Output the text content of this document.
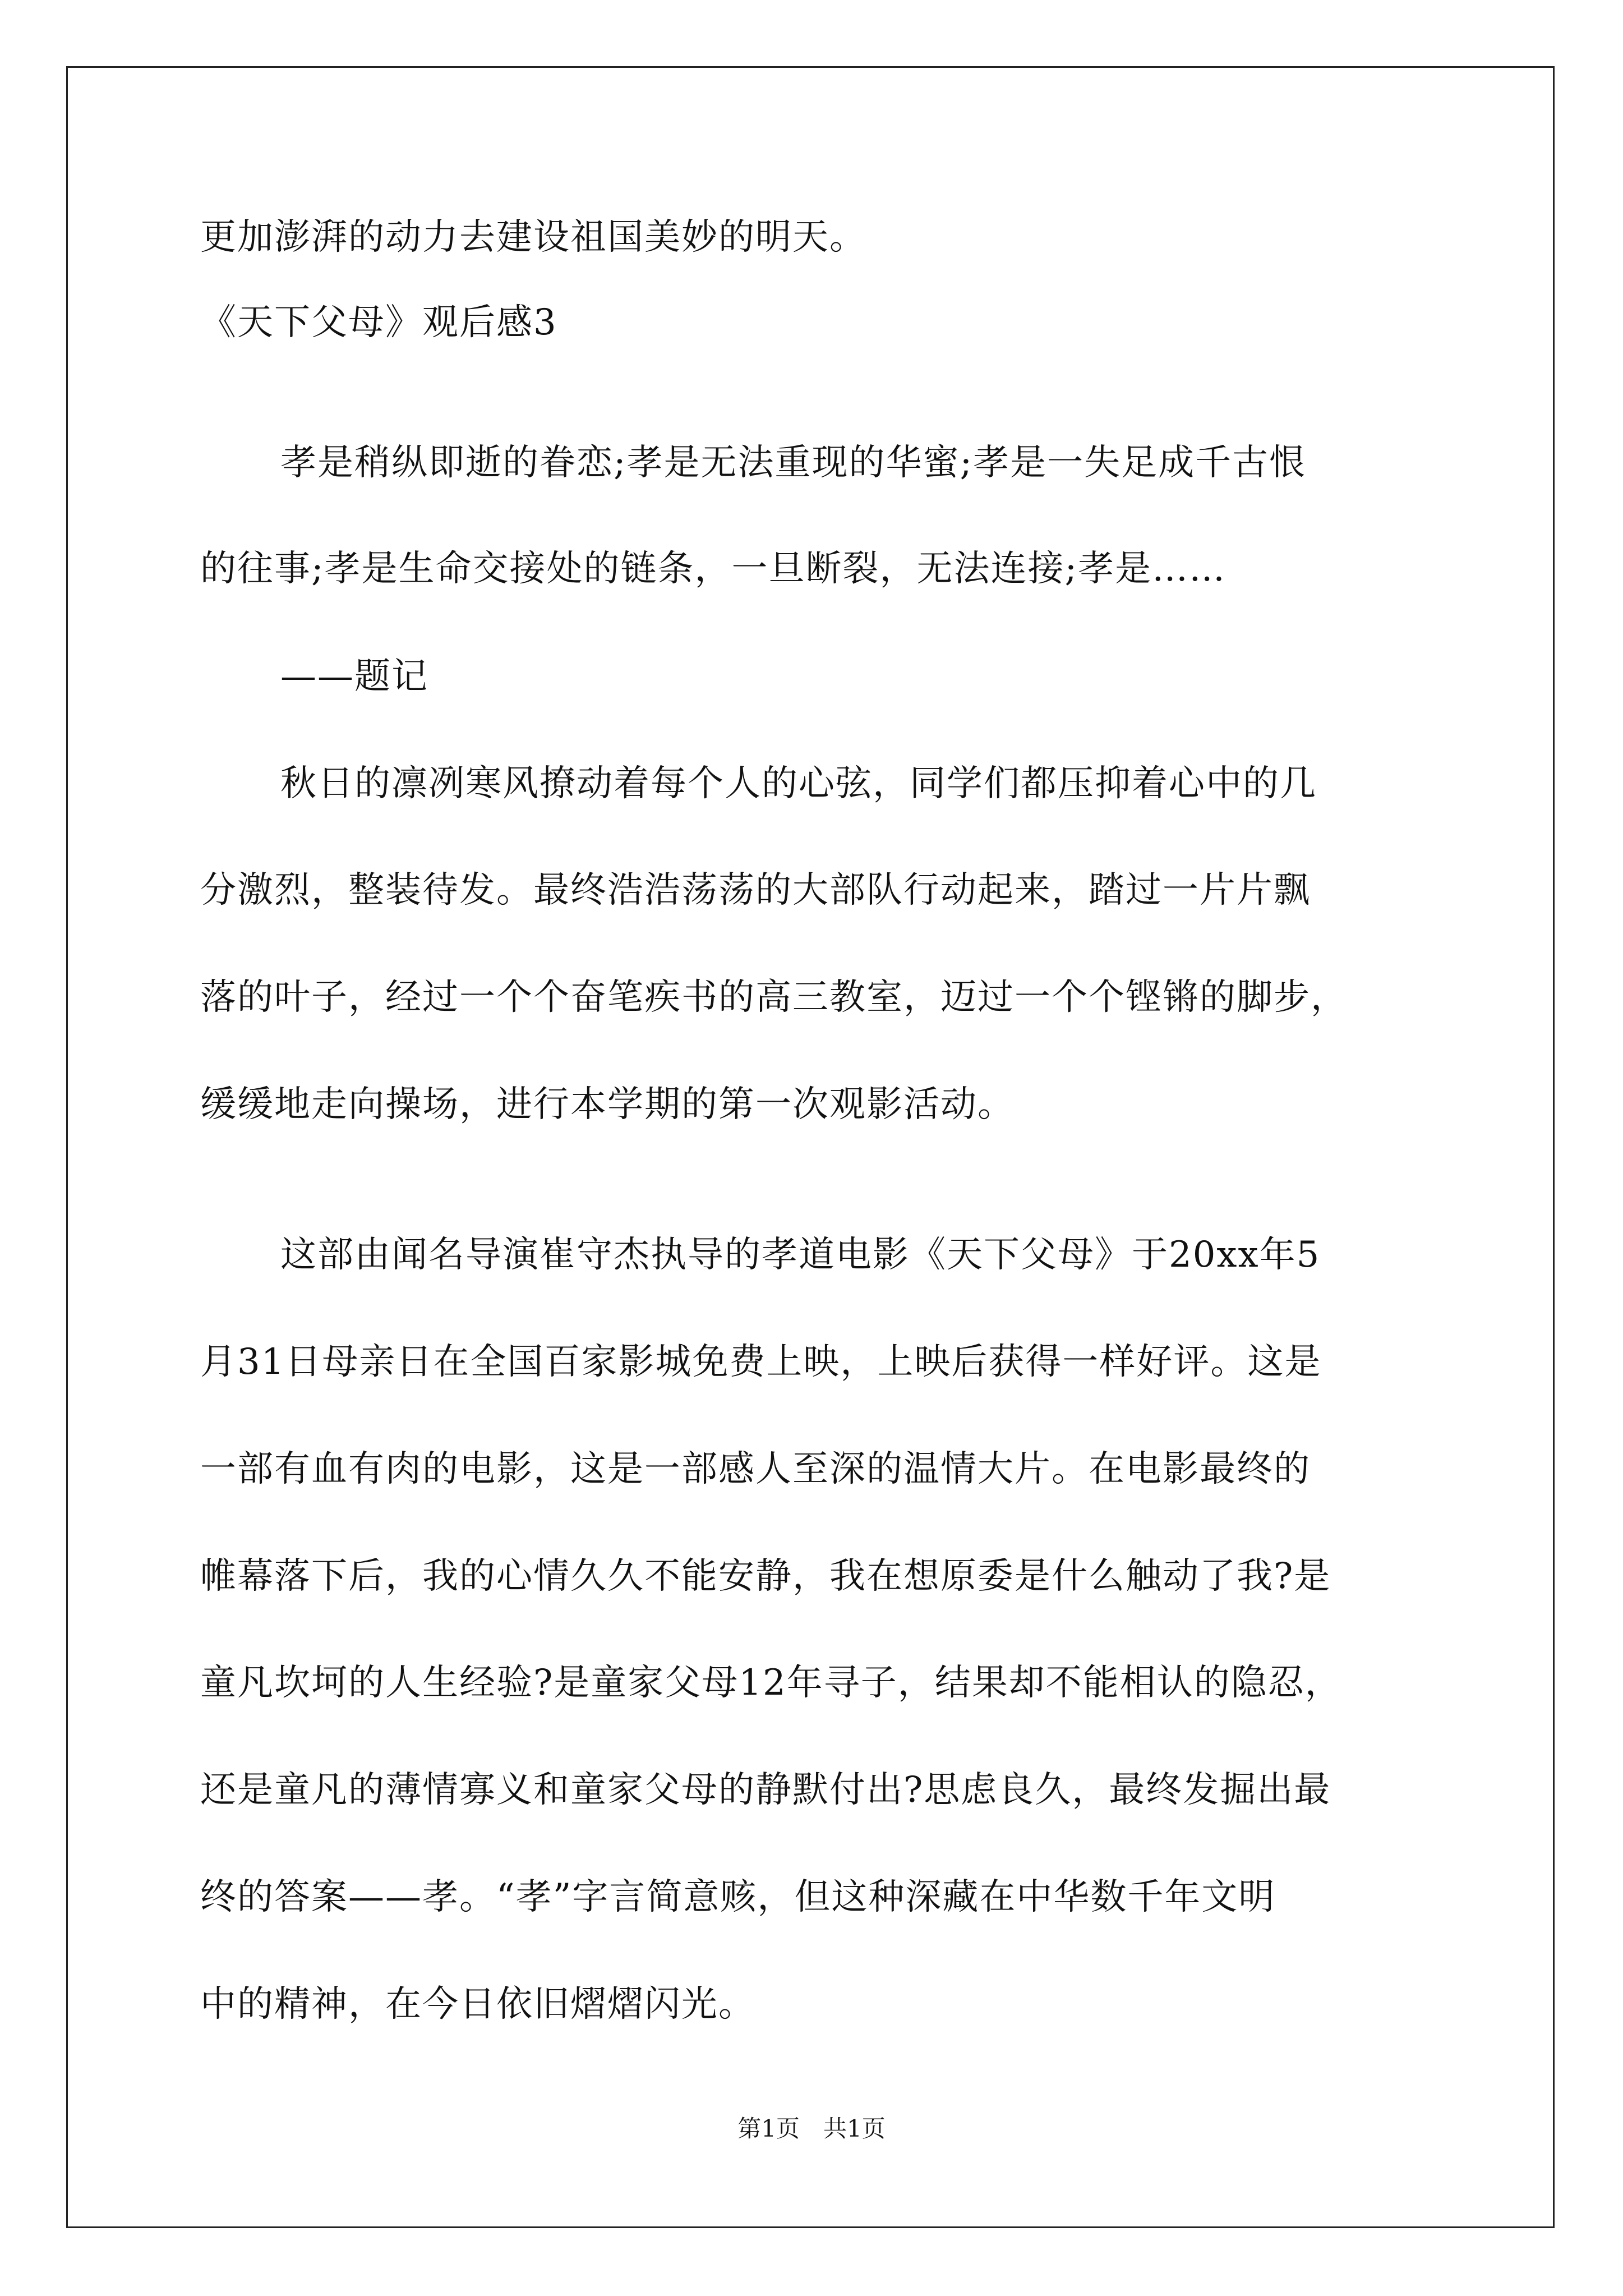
更加澎湃的动力去建设祖国美妙的明天。
《天下父母》观后感3
孝是稍纵即逝的眷恋;孝是无法重现的华蜜;孝是一失足成千古恨
的往事;孝是生命交接处的链条，一旦断裂，无法连接;孝是……
——题记
秋日的凛冽寒风撩动着每个人的心弦，同学们都压抑着心中的几
分激烈，整装待发。最终浩浩荡荡的大部队行动起来，踏过一片片飘
落的叶子，经过一个个奋笔疾书的高三教室，迈过一个个铿锵的脚步，
缓缓地走向操场，进行本学期的第一次观影活动。
这部由闻名导演崔守杰执导的孝道电影《天下父母》于20xx年5
月31日母亲日在全国百家影城免费上映，上映后获得一样好评。这是
一部有血有肉的电影，这是一部感人至深的温情大片。在电影最终的
帷幕落下后，我的心情久久不能安静，我在想原委是什么触动了我?是
童凡坎坷的人生经验?是童家父母12年寻子，结果却不能相认的隐忍，
还是童凡的薄情寡义和童家父母的静默付出?思虑良久，最终发掘出最
终的答案——孝。“孝”字言简意赅，但这种深藏在中华数千年文明
中的精神，在今日依旧熠熠闪光。
第1页　共1页
